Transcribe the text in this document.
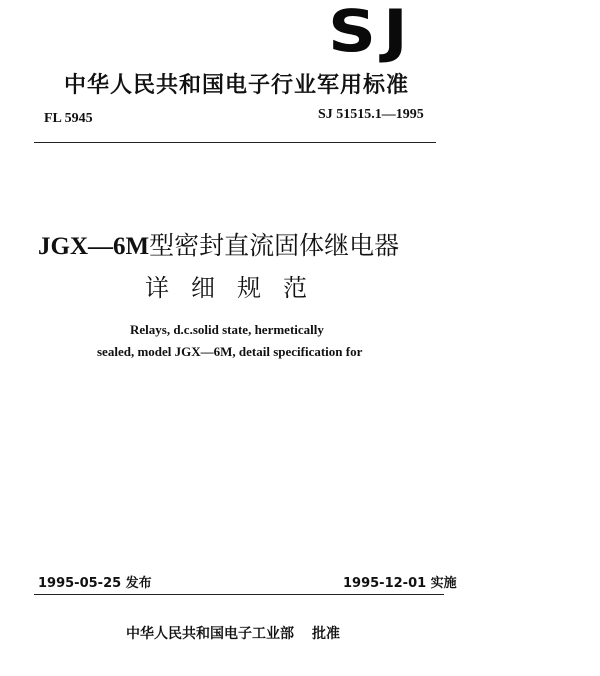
SJ
中华人民共和国电子行业军用标准
FL 5945	SJ 51515.1—1995
JGX—6M型密封直流固体继电器
详细规范
Relays, d.c.solid state, hermetically
sealed, model JGX—6M, detail specification for
1995-05-25 发布	1995-12-01 实施
中华人民共和国电子工业部 批准
